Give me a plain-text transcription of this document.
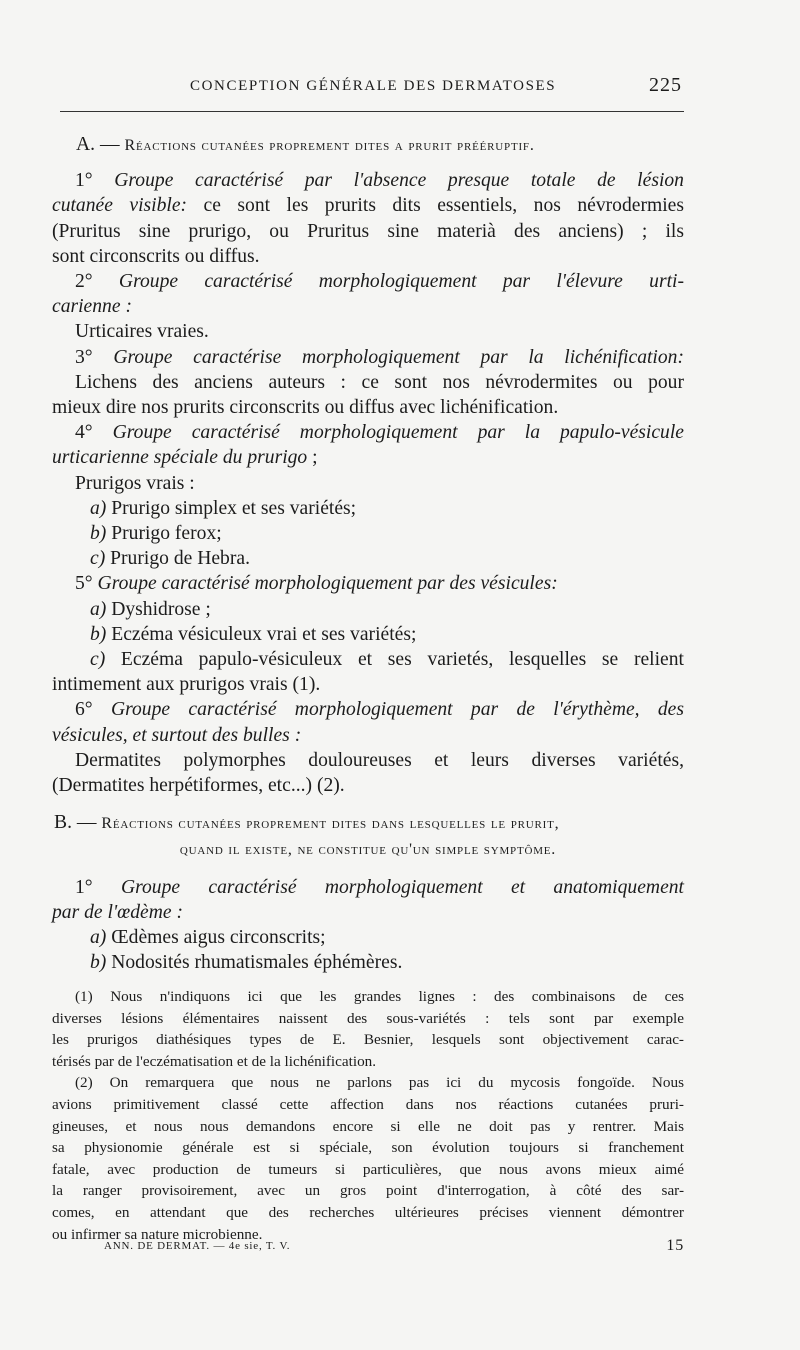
CONCEPTION GÉNÉRALE DES DERMATOSES	225
A. — Réactions cutanées proprement dites a prurit prééruptif.
1° Groupe caractérisé par l'absence presque totale de lésion
cutanée visible: ce sont les prurits dits essentiels, nos névrodermies
(Pruritus sine prurigo, ou Pruritus sine materià des anciens) ; ils
sont circonscrits ou diffus.
2° Groupe caractérisé morphologiquement par l'élevure urti-
carienne :
Urticaires vraies.
3° Groupe caractérise morphologiquement par la lichénification:
Lichens des anciens auteurs : ce sont nos névrodermites ou pour
mieux dire nos prurits circonscrits ou diffus avec lichénification.
4° Groupe caractérisé morphologiquement par la papulo-vésicule
urticarienne spéciale du prurigo ;
Prurigos vrais :
a) Prurigo simplex et ses variétés;
b) Prurigo ferox;
c) Prurigo de Hebra.
5° Groupe caractérisé morphologiquement par des vésicules:
a) Dyshidrose ;
b) Eczéma vésiculeux vrai et ses variétés;
c) Eczéma papulo-vésiculeux et ses varietés, lesquelles se relient
intimement aux prurigos vrais (1).
6° Groupe caractérisé morphologiquement par de l'érythème, des
vésicules, et surtout des bulles :
Dermatites polymorphes douloureuses et leurs diverses variétés,
(Dermatites herpétiformes, etc...) (2).
B. — Réactions cutanées proprement dites dans lesquelles le prurit,
quand il existe, ne constitue qu'un simple symptôme.
1° Groupe caractérisé morphologiquement et anatomiquement
par de l'œdème :
a) Œdèmes aigus circonscrits;
b) Nodosités rhumatismales éphémères.
(1) Nous n'indiquons ici que les grandes lignes : des combinaisons de ces
diverses lésions élémentaires naissent des sous-variétés : tels sont par exemple
les prurigos diathésiques types de E. Besnier, lesquels sont objectivement carac-
térisés par de l'eczématisation et de la lichénification.
(2) On remarquera que nous ne parlons pas ici du mycosis fongoïde. Nous
avions primitivement classé cette affection dans nos réactions cutanées pruri-
gineuses, et nous nous demandons encore si elle ne doit pas y rentrer. Mais
sa physionomie générale est si spéciale, son évolution toujours si franchement
fatale, avec production de tumeurs si particulières, que nous avons mieux aimé
la ranger provisoirement, avec un gros point d'interrogation, à côté des sar-
comes, en attendant que des recherches ultérieures précises viennent démontrer
ou infirmer sa nature microbienne.
ANN. DE DERMAT. — 4e sie, T. V.	15
